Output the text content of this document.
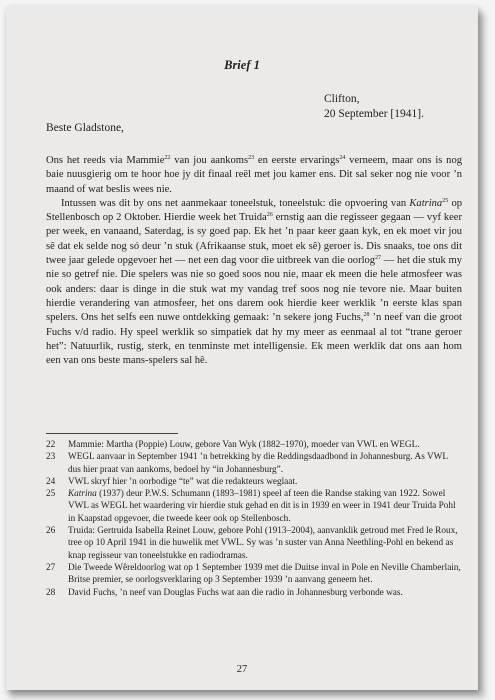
Brief 1
Clifton,
20 September [1941].
Beste Gladstone,

Ons het reeds via Mammie$^{22}$ van jou aankoms$^{23}$ en eerste ervarings$^{24}$ verneem, maar ons is nog baie nuusgierig om te hoor hoe jy dit finaal reël met jou kamer ens. Dit sal seker nog nie voor ’n maand of wat beslis wees nie.

Intussen was dit by ons net aanmekaar toneelstuk, toneelstuk: die opvoering van Katrina$^{25}$ op Stellenbosch op 2 Oktober. Hierdie week het Truida$^{26}$ ernstig aan die regisseer gegaan — vyf keer per week, en vanaand, Saterdag, is sy goed pap. Ek het ’n paar keer gaan kyk, en ek moet vir jou sê dat ek selde nog só deur ’n stuk (Afrikaanse stuk, moet ek sê) geroer is. Dis snaaks, toe ons dit twee jaar gelede opgevoer het — net een dag voor die uitbreek van die oorlog$^{27}$ — het die stuk my nie so getref nie. Die spelers was nie so goed soos nou nie, maar ek meen die hele atmosfeer was ook anders: daar is dinge in die stuk wat my vandag tref soos nog nie tevore nie. Maar buiten hierdie verandering van atmosfeer, het ons darem ook hierdie keer werklik ’n eerste klas span spelers. Ons het selfs een nuwe ontdekking gemaak: ’n sekere jong Fuchs,$^{28}$ ’n neef van die groot Fuchs v/d radio. Hy speel werklik so simpatiek dat hy my meer as eenmaal al tot “trane geroer het”: Natuurlik, rustig, sterk, en tenminste met intelligensie. Ek meen werklik dat ons aan hom een van ons beste mans-spelers sal hê.

22	Mammie: Martha (Poppie) Louw, gebore Van Wyk (1882–1970), moeder van VWL en WEGL.
23	WEGL aanvaar in September 1941 ’n betrekking by die Reddingsdaadbond in Johannesburg. As VWL dus hier praat van aankoms, bedoel hy “in Johannesburg”.
24	VWL skryf hier ’n oorbodige “te” wat die redakteurs weglaat.
25	Katrina (1937) deur P.W.S. Schumann (1893–1981) speel af teen die Randse staking van 1922. Sowel VWL as WEGL het waardering vir hierdie stuk gehad en dit is in 1939 en weer in 1941 deur Truida Pohl in Kaapstad opgevoer, die tweede keer ook op Stellenbosch.
26	Truida: Gertruida Isabella Reinet Louw, gebore Pohl (1913–2004), aanvanklik getroud met Fred le Roux, tree op 10 April 1941 in die huwelik met VWL. Sy was ’n suster van Anna Neethling-Pohl en bekend as knap regisseur van toneelstukke en radiodramas.
27	Die Tweede Wêreldoorlog wat op 1 September 1939 met die Duitse inval in Pole en Neville Chamberlain, Britse premier, se oorlogsverklaring op 3 September 1939 ’n aanvang geneem het.
28	David Fuchs, ’n neef van Douglas Fuchs wat aan die radio in Johannesburg verbonde was.
27
